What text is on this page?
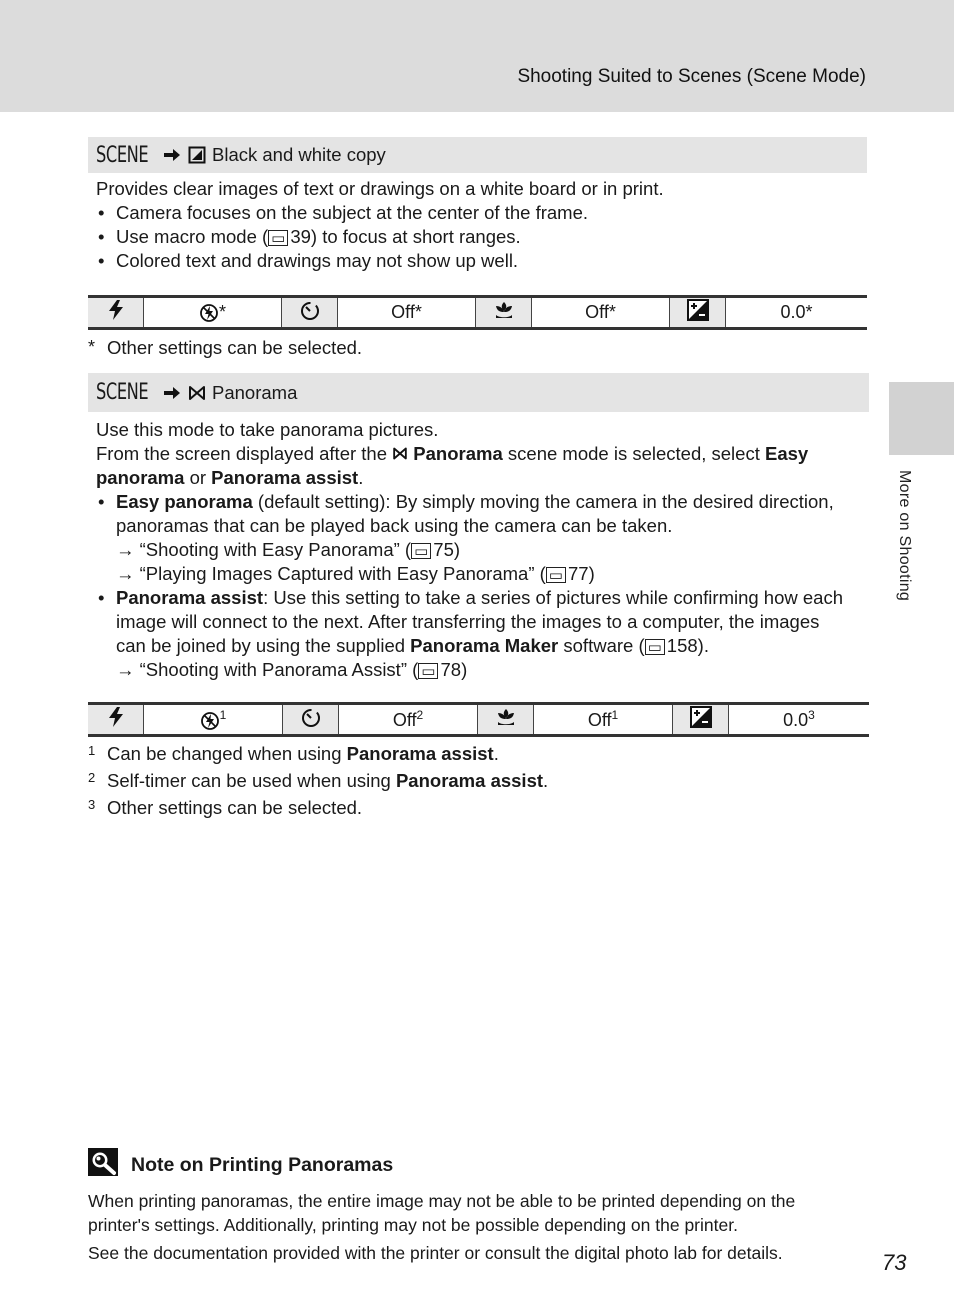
Shooting Suited to Scenes (Scene Mode)
More on Shooting
SCENE	Black and white copy
Provides clear images of text or drawings on a white board or in print.
• Camera focuses on the subject at the center of the frame.
• Use macro mode ( ▭ 39) to focus at short ranges.
• Colored text and drawings may not show up well.
	*		Off*		Off*		0.0*
* Other settings can be selected.
SCENE	Panorama
Use this mode to take panorama pictures.
From the screen displayed after the Panorama scene mode is selected, select Easy
panorama or Panorama assist.
• Easy panorama (default setting): By simply moving the camera in the desired direction,
panoramas that can be played back using the camera can be taken.
→ “Shooting with Easy Panorama” ( ▭ 75)
→ “Playing Images Captured with Easy Panorama” ( ▭ 77)
• Panorama assist: Use this setting to take a series of pictures while confirming how each
image will connect to the next. After transferring the images to a computer, the images
can be joined by using the supplied Panorama Maker software ( ▭ 158).
→ “Shooting with Panorama Assist” ( ▭ 78)
	$^1$		Off$^2$		Off$^1$		$0.0^3$
1 Can be changed when using Panorama assist.
2 Self-timer can be used when using Panorama assist.
3 Other settings can be selected.
Note on Printing Panoramas
When printing panoramas, the entire image may not be able to be printed depending on the
printer's settings. Additionally, printing may not be possible depending on the printer.
See the documentation provided with the printer or consult the digital photo lab for details.	73
